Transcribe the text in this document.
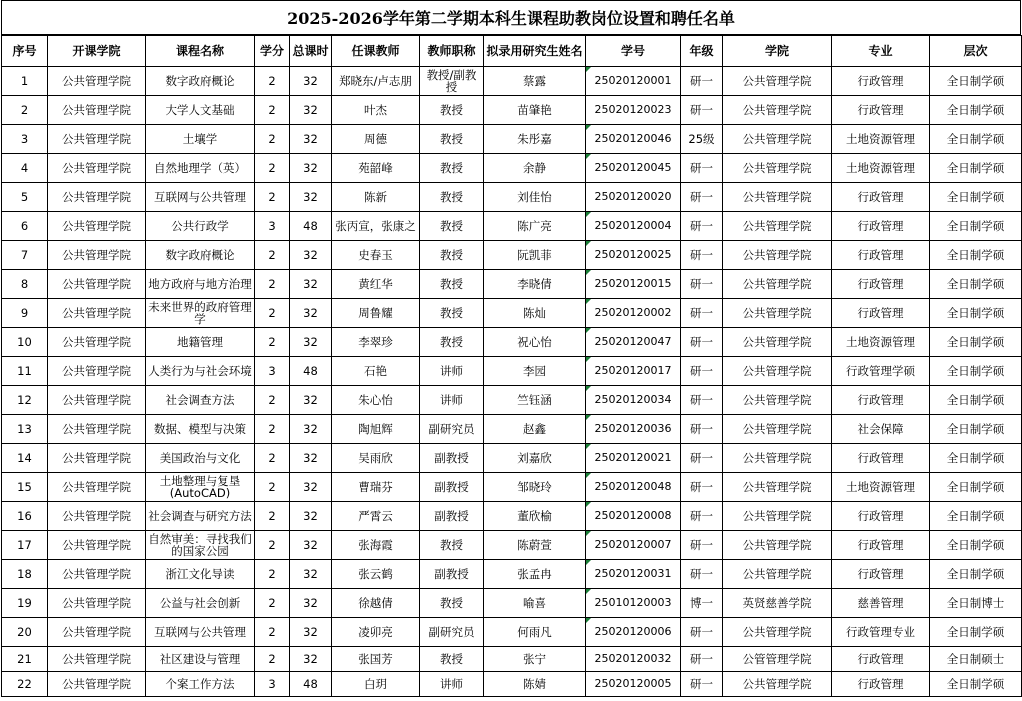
2025-2026学年第二学期本科生课程助教岗位设置和聘任名单
序号	开课学院	课程名称	学分	总课时	任课教师	教师职称	拟录用研究生姓名	学号	年级	学院	专业	层次
1	公共管理学院	数字政府概论	2	32	郑晓东/卢志朋	教授/副教授	蔡露	25020120001	研一	公共管理学院	行政管理	全日制学硕
2	公共管理学院	大学人文基础	2	32	叶杰	教授	苗肇艳	25020120023	研一	公共管理学院	行政管理	全日制学硕
3	公共管理学院	土壤学	2	32	周德	教授	朱彤嘉	25020120046	25级	公共管理学院	土地资源管理	全日制学硕
4	公共管理学院	自然地理学（英）	2	32	苑韶峰	教授	余静	25020120045	研一	公共管理学院	土地资源管理	全日制学硕
5	公共管理学院	互联网与公共管理	2	32	陈新	教授	刘佳怡	25020120020	研一	公共管理学院	行政管理	全日制学硕
6	公共管理学院	公共行政学	3	48	张丙宣，张康之	教授	陈广亮	25020120004	研一	公共管理学院	行政管理	全日制学硕
7	公共管理学院	数字政府概论	2	32	史春玉	教授	阮凯菲	25020120025	研一	公共管理学院	行政管理	全日制学硕
8	公共管理学院	地方政府与地方治理	2	32	黄红华	教授	李晓倩	25020120015	研一	公共管理学院	行政管理	全日制学硕
9	公共管理学院	未来世界的政府管理学	2	32	周鲁耀	教授	陈灿	25020120002	研一	公共管理学院	行政管理	全日制学硕
10	公共管理学院	地籍管理	2	32	李翠珍	教授	祝心怡	25020120047	研一	公共管理学院	土地资源管理	全日制学硕
11	公共管理学院	人类行为与社会环境	3	48	石艳	讲师	李园	25020120017	研一	公共管理学院	行政管理学硕	全日制学硕
12	公共管理学院	社会调查方法	2	32	朱心怡	讲师	竺钰涵	25020120034	研一	公共管理学院	行政管理	全日制学硕
13	公共管理学院	数据、模型与决策	2	32	陶旭辉	副研究员	赵鑫	25020120036	研一	公共管理学院	社会保障	全日制学硕
14	公共管理学院	美国政治与文化	2	32	吴雨欣	副教授	刘嘉欣	25020120021	研一	公共管理学院	行政管理	全日制学硕
15	公共管理学院	土地整理与复垦(AutoCAD)	2	32	曹瑞芬	副教授	邹晓玲	25020120048	研一	公共管理学院	土地资源管理	全日制学硕
16	公共管理学院	社会调查与研究方法	2	32	严霄云	副教授	董欣榆	25020120008	研一	公共管理学院	行政管理	全日制学硕
17	公共管理学院	自然审美：寻找我们的国家公园	2	32	张海霞	教授	陈蔚萱	25020120007	研一	公共管理学院	行政管理	全日制学硕
18	公共管理学院	浙江文化导读	2	32	张云鹤	副教授	张孟冉	25020120031	研一	公共管理学院	行政管理	全日制学硕
19	公共管理学院	公益与社会创新	2	32	徐越倩	教授	喻喜	25010120003	博一	英贤慈善学院	慈善管理	全日制博士
20	公共管理学院	互联网与公共管理	2	32	凌卯亮	副研究员	何雨凡	25020120006	研一	公共管理学院	行政管理专业	全日制学硕
21	公共管理学院	社区建设与管理	2	32	张国芳	教授	张宁	25020120032	研一	公管管理学院	行政管理	全日制硕士
22	公共管理学院	个案工作方法	3	48	白玥	讲师	陈婧	25020120005	研一	公共管理学院	行政管理	全日制学硕
